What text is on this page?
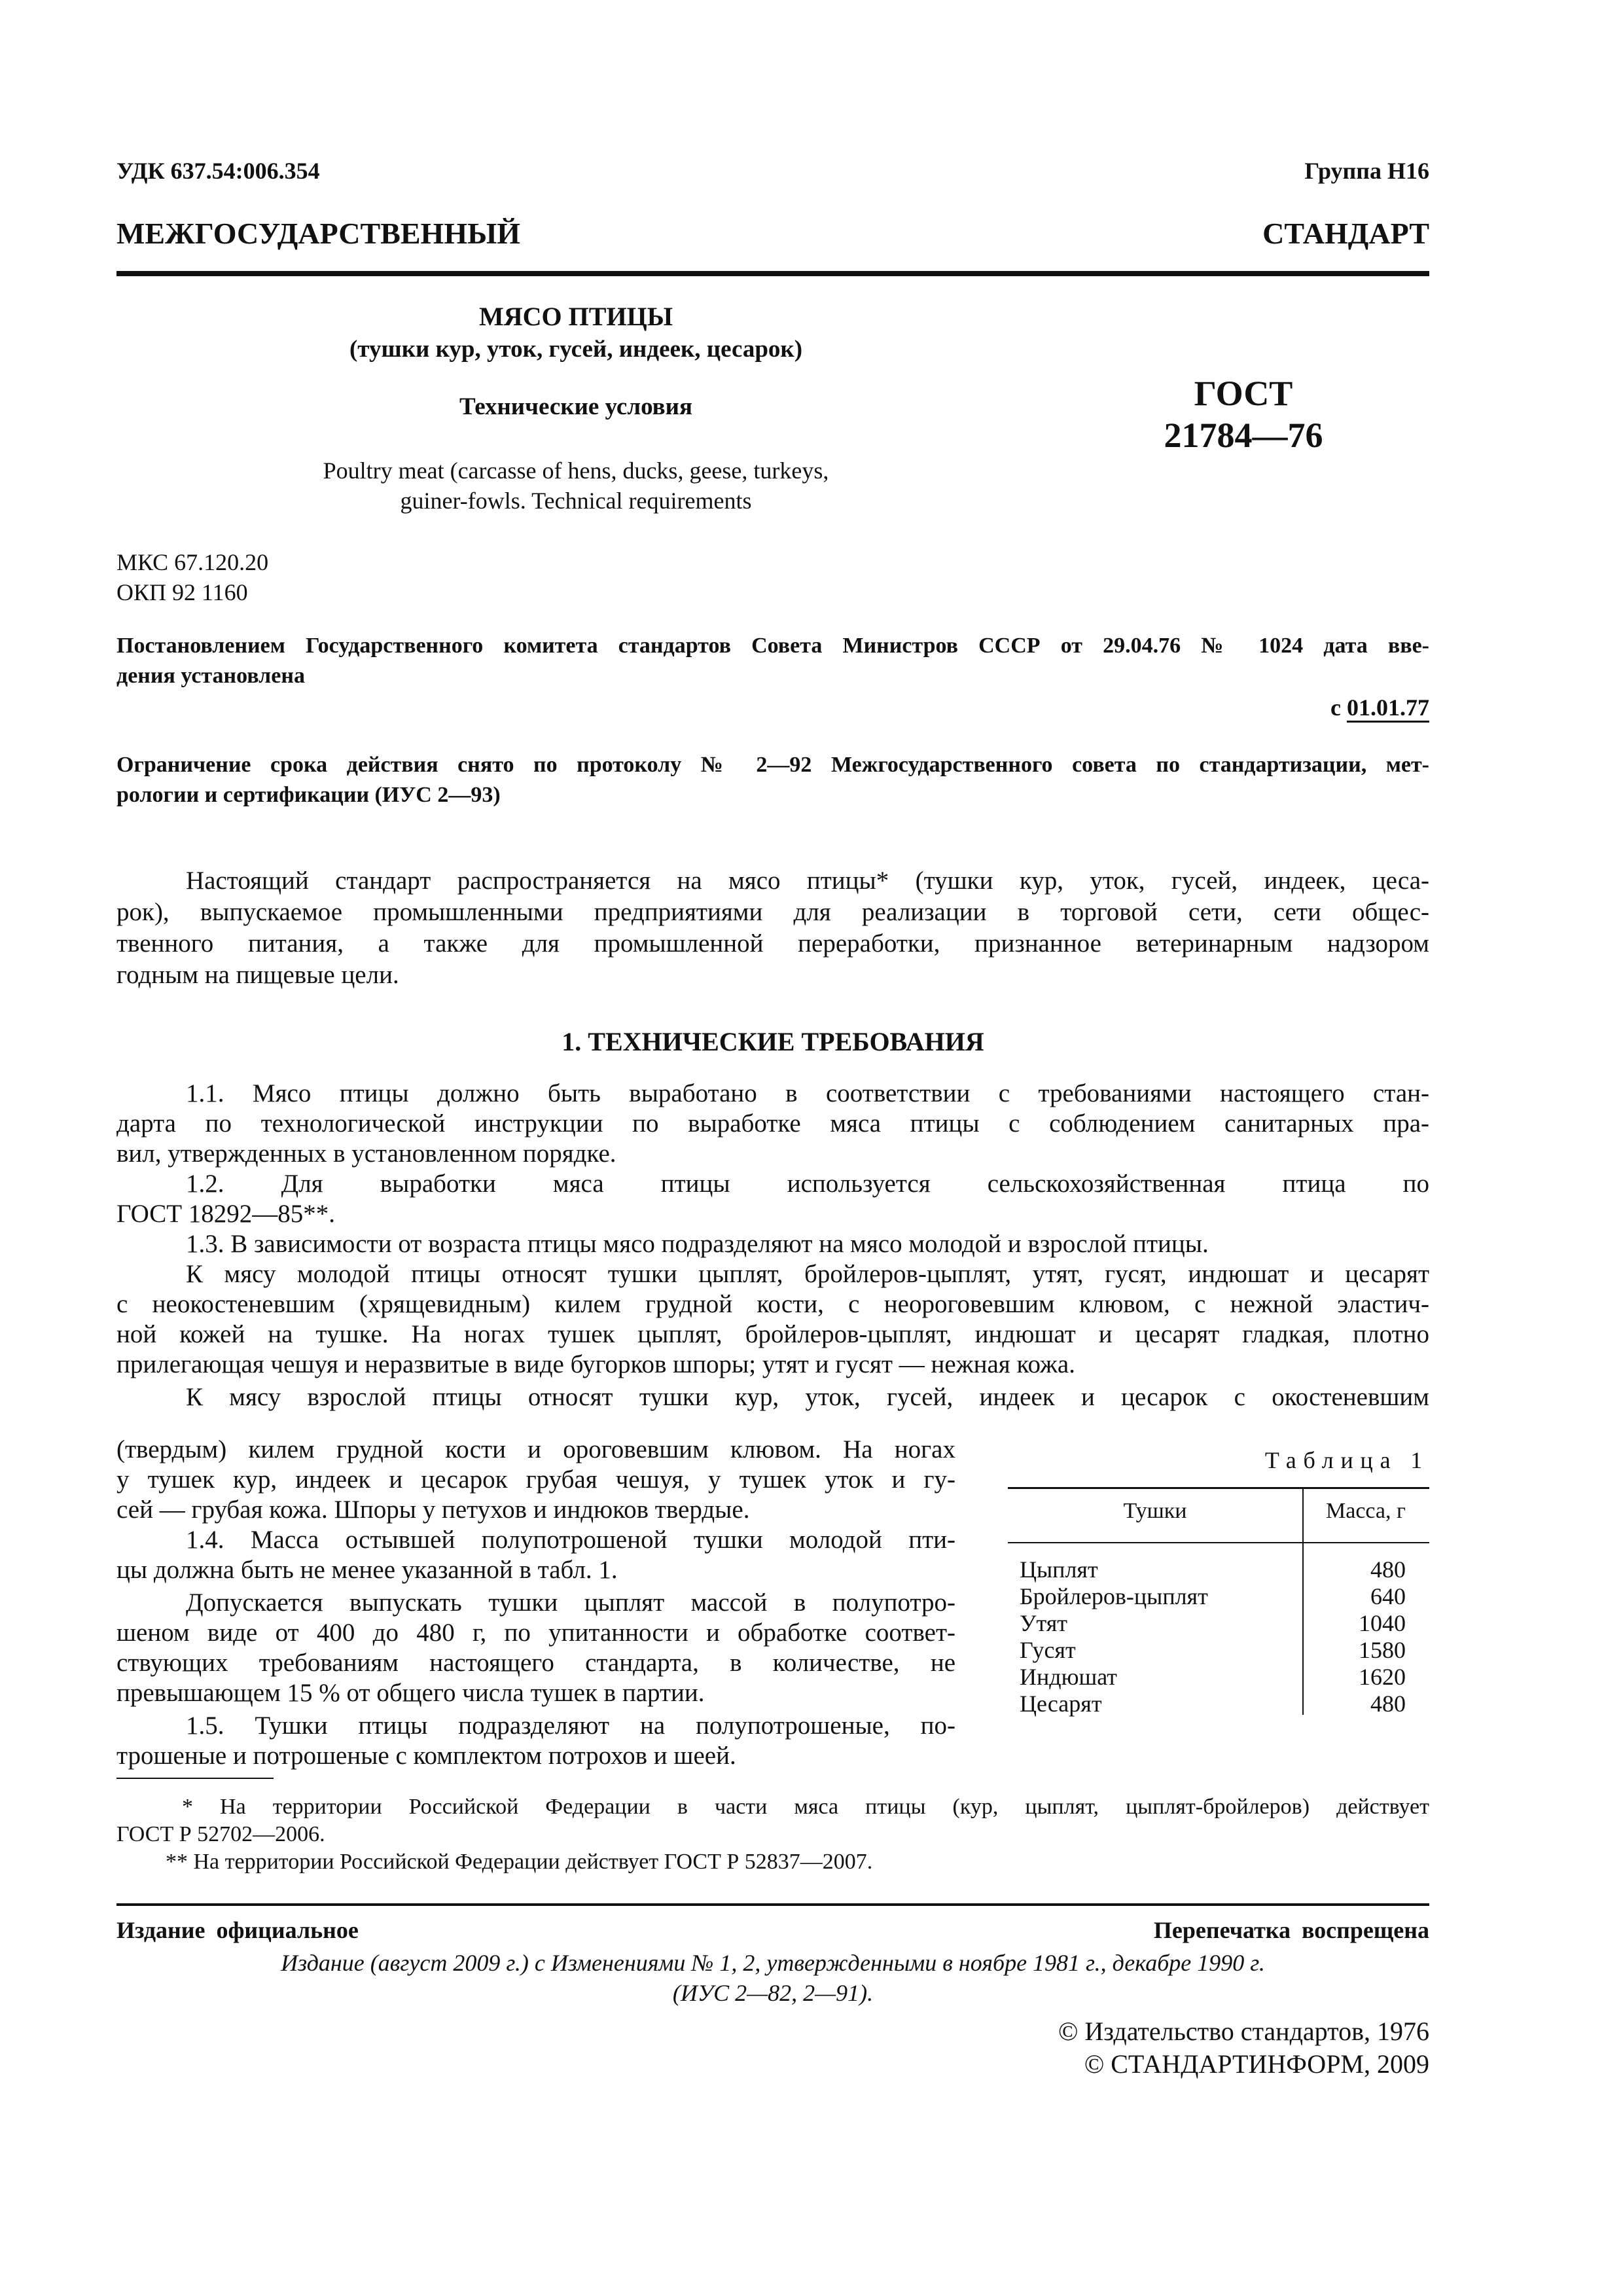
УДК 637.54:006.354	Группа Н16
МЕЖГОСУДАРСТВЕННЫЙ СТАНДАРТ
МЯСО ПТИЦЫ
(тушки кур, уток, гусей, индеек, цесарок)
Технические условия
Poultry meat (carcasse of hens, ducks, geese, turkeys,
guiner-fowls. Technical requirements
ГОСТ
21784—76
МКС 67.120.20
ОКП 92 1160
Постановлением Государственного комитета стандартов Совета Министров СССР от 29.04.76 № 1024 дата вве-
дения установлена
с 01.01.77
Ограничение срока действия снято по протоколу № 2—92 Межгосударственного совета по стандартизации, мет-
рологии и сертификации (ИУС 2—93)
Настоящий стандарт распространяется на мясо птицы* (тушки кур, уток, гусей, индеек, цеса-
рок), выпускаемое промышленными предприятиями для реализации в торговой сети, сети общес-
твенного питания, а также для промышленной переработки, признанное ветеринарным надзором
годным на пищевые цели.
1. ТЕХНИЧЕСКИЕ ТРЕБОВАНИЯ
1.1. Мясо птицы должно быть выработано в соответствии с требованиями настоящего стан-
дарта по технологической инструкции по выработке мяса птицы с соблюдением санитарных пра-
вил, утвержденных в установленном порядке.
1.2. Для выработки мяса птицы используется сельскохозяйственная птица по
ГОСТ 18292—85**.
1.3. В зависимости от возраста птицы мясо подразделяют на мясо молодой и взрослой птицы.
К мясу молодой птицы относят тушки цыплят, бройлеров-цыплят, утят, гусят, индюшат и цесарят
с неокостеневшим (хрящевидным) килем грудной кости, с неороговевшим клювом, с нежной эластич-
ной кожей на тушке. На ногах тушек цыплят, бройлеров-цыплят, индюшат и цесарят гладкая, плотно
прилегающая чешуя и неразвитые в виде бугорков шпоры; утят и гусят — нежная кожа.
К мясу взрослой птицы относят тушки кур, уток, гусей, индеек и цесарок с окостеневшим
(твердым) килем грудной кости и ороговевшим клювом. На ногах
у тушек кур, индеек и цесарок грубая чешуя, у тушек уток и гу-
сей — грубая кожа. Шпоры у петухов и индюков твердые.
1.4. Масса остывшей полупотрошеной тушки молодой пти-
цы должна быть не менее указанной в табл. 1.
Допускается выпускать тушки цыплят массой в полупотро-
шеном виде от 400 до 480 г, по упитанности и обработке соответ-
ствующих требованиям настоящего стандарта, в количестве, не
превышающем 15 % от общего числа тушек в партии.
1.5. Тушки птицы подразделяют на полупотрошеные, по-
трошеные и потрошеные с комплектом потрохов и шеей.
Таблица 1
Тушки	Масса, г
Цыплят	480
Бройлеров-цыплят	640
Утят	1040
Гусят	1580
Индюшат	1620
Цесарят	480
* На территории Российской Федерации в части мяса птицы (кур, цыплят, цыплят-бройлеров) действует
ГОСТ Р 52702—2006.
** На территории Российской Федерации действует ГОСТ Р 52837—2007.
Издание официальное	Перепечатка воспрещена
Издание (август 2009 г.) с Изменениями № 1, 2, утвержденными в ноябре 1981 г., декабре 1990 г.
(ИУС 2—82, 2—91).
© Издательство стандартов, 1976
© СТАНДАРТИНФОРМ, 2009
